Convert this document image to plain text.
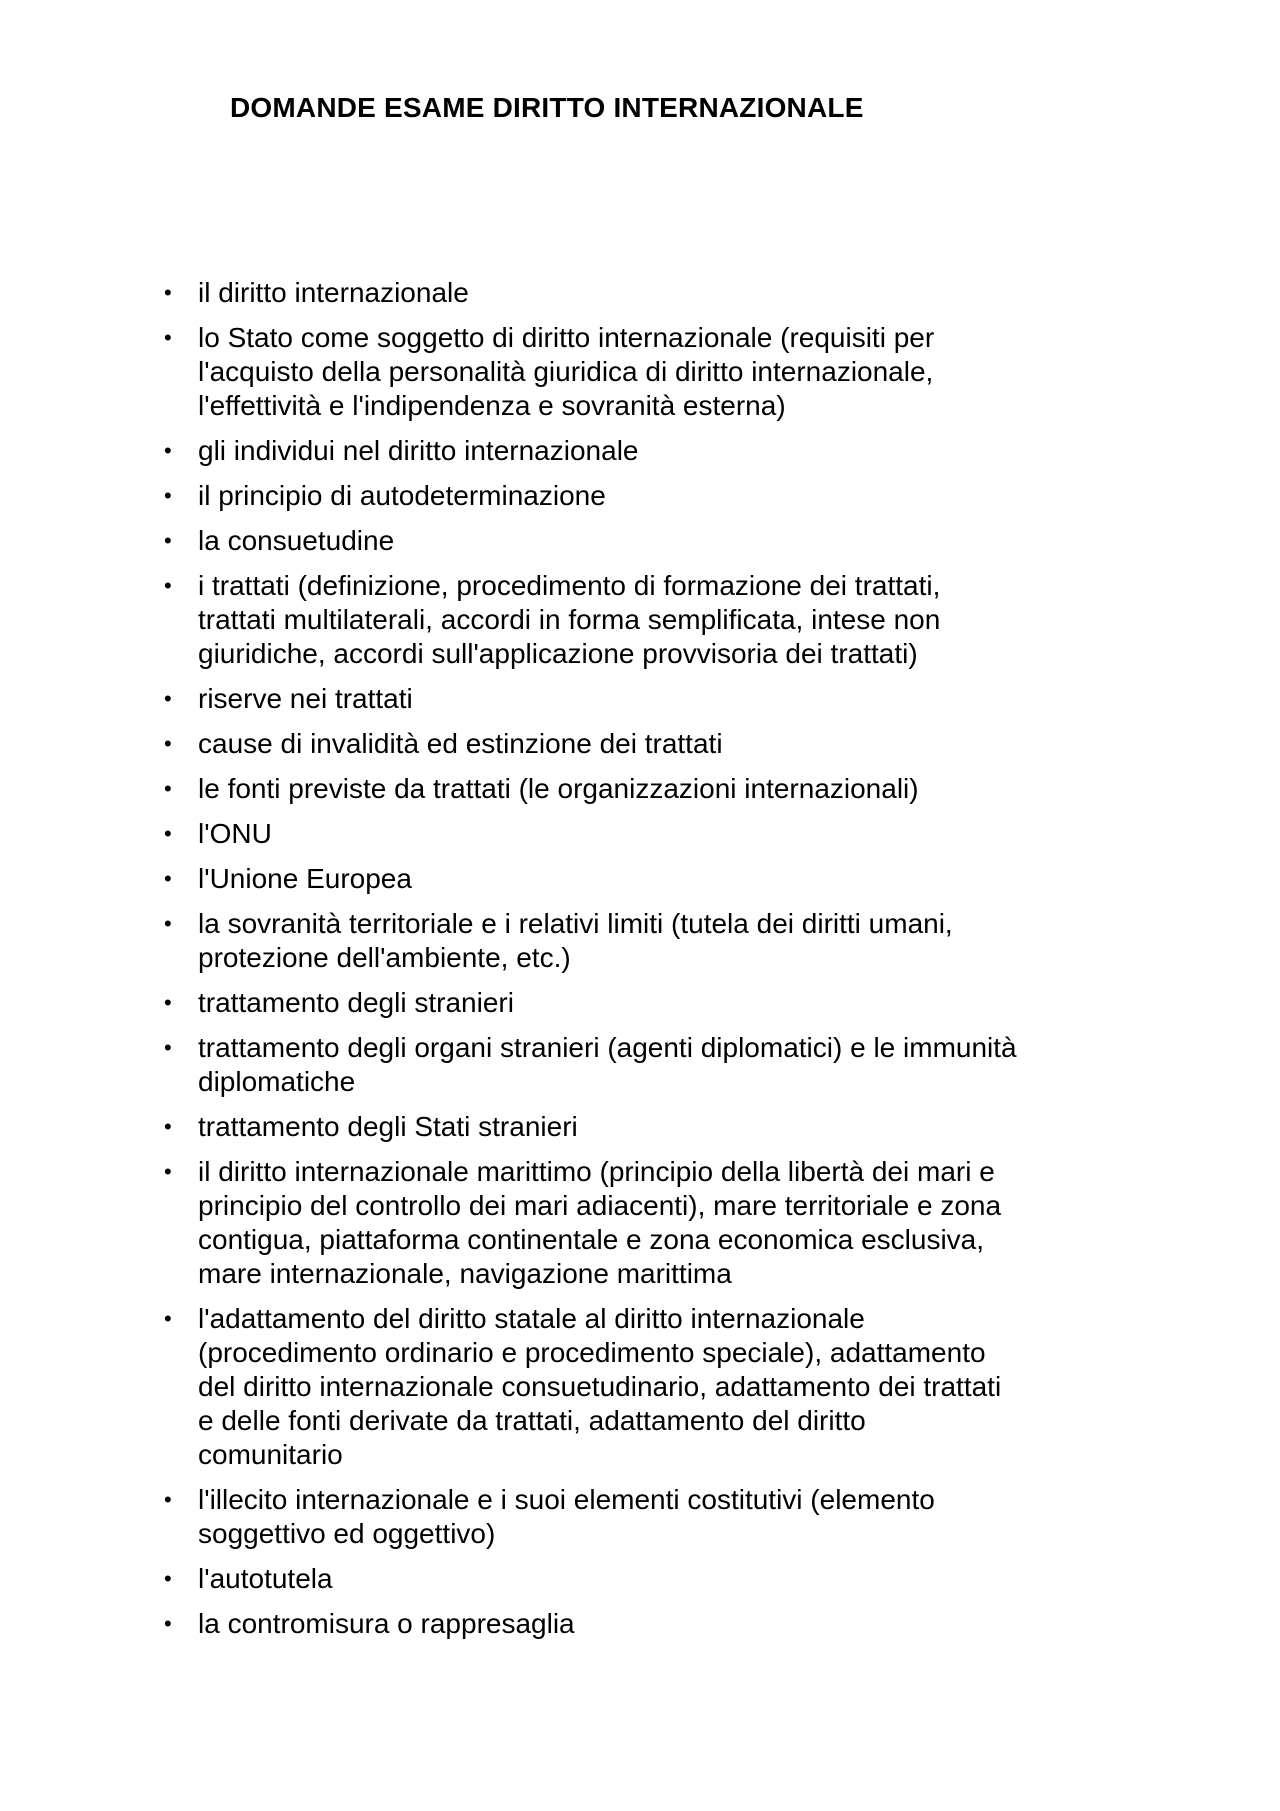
DOMANDE ESAME DIRITTO INTERNAZIONALE
• il diritto internazionale
• lo Stato come soggetto di diritto internazionale (requisiti per l'acquisto della personalità giuridica di diritto internazionale, l'effettività e l'indipendenza e sovranità esterna)
• gli individui nel diritto internazionale
• il principio di autodeterminazione
• la consuetudine
• i trattati (definizione, procedimento di formazione dei trattati, trattati multilaterali, accordi in forma semplificata, intese non giuridiche, accordi sull'applicazione provvisoria dei trattati)
• riserve nei trattati
• cause di invalidità ed estinzione dei trattati
• le fonti previste da trattati (le organizzazioni internazionali)
• l'ONU
• l'Unione Europea
• la sovranità territoriale e i relativi limiti (tutela dei diritti umani, protezione dell'ambiente, etc.)
• trattamento degli stranieri
• trattamento degli organi stranieri (agenti diplomatici) e le immunità diplomatiche
• trattamento degli Stati stranieri
• il diritto internazionale marittimo (principio della libertà dei mari e principio del controllo dei mari adiacenti), mare territoriale e zona contigua, piattaforma continentale e zona economica esclusiva, mare internazionale, navigazione marittima
• l'adattamento del diritto statale al diritto internazionale (procedimento ordinario e procedimento speciale), adattamento del diritto internazionale consuetudinario, adattamento dei trattati e delle fonti derivate da trattati, adattamento del diritto comunitario
• l'illecito internazionale e i suoi elementi costitutivi (elemento soggettivo ed oggettivo)
• l'autotutela
• la contromisura o rappresaglia
